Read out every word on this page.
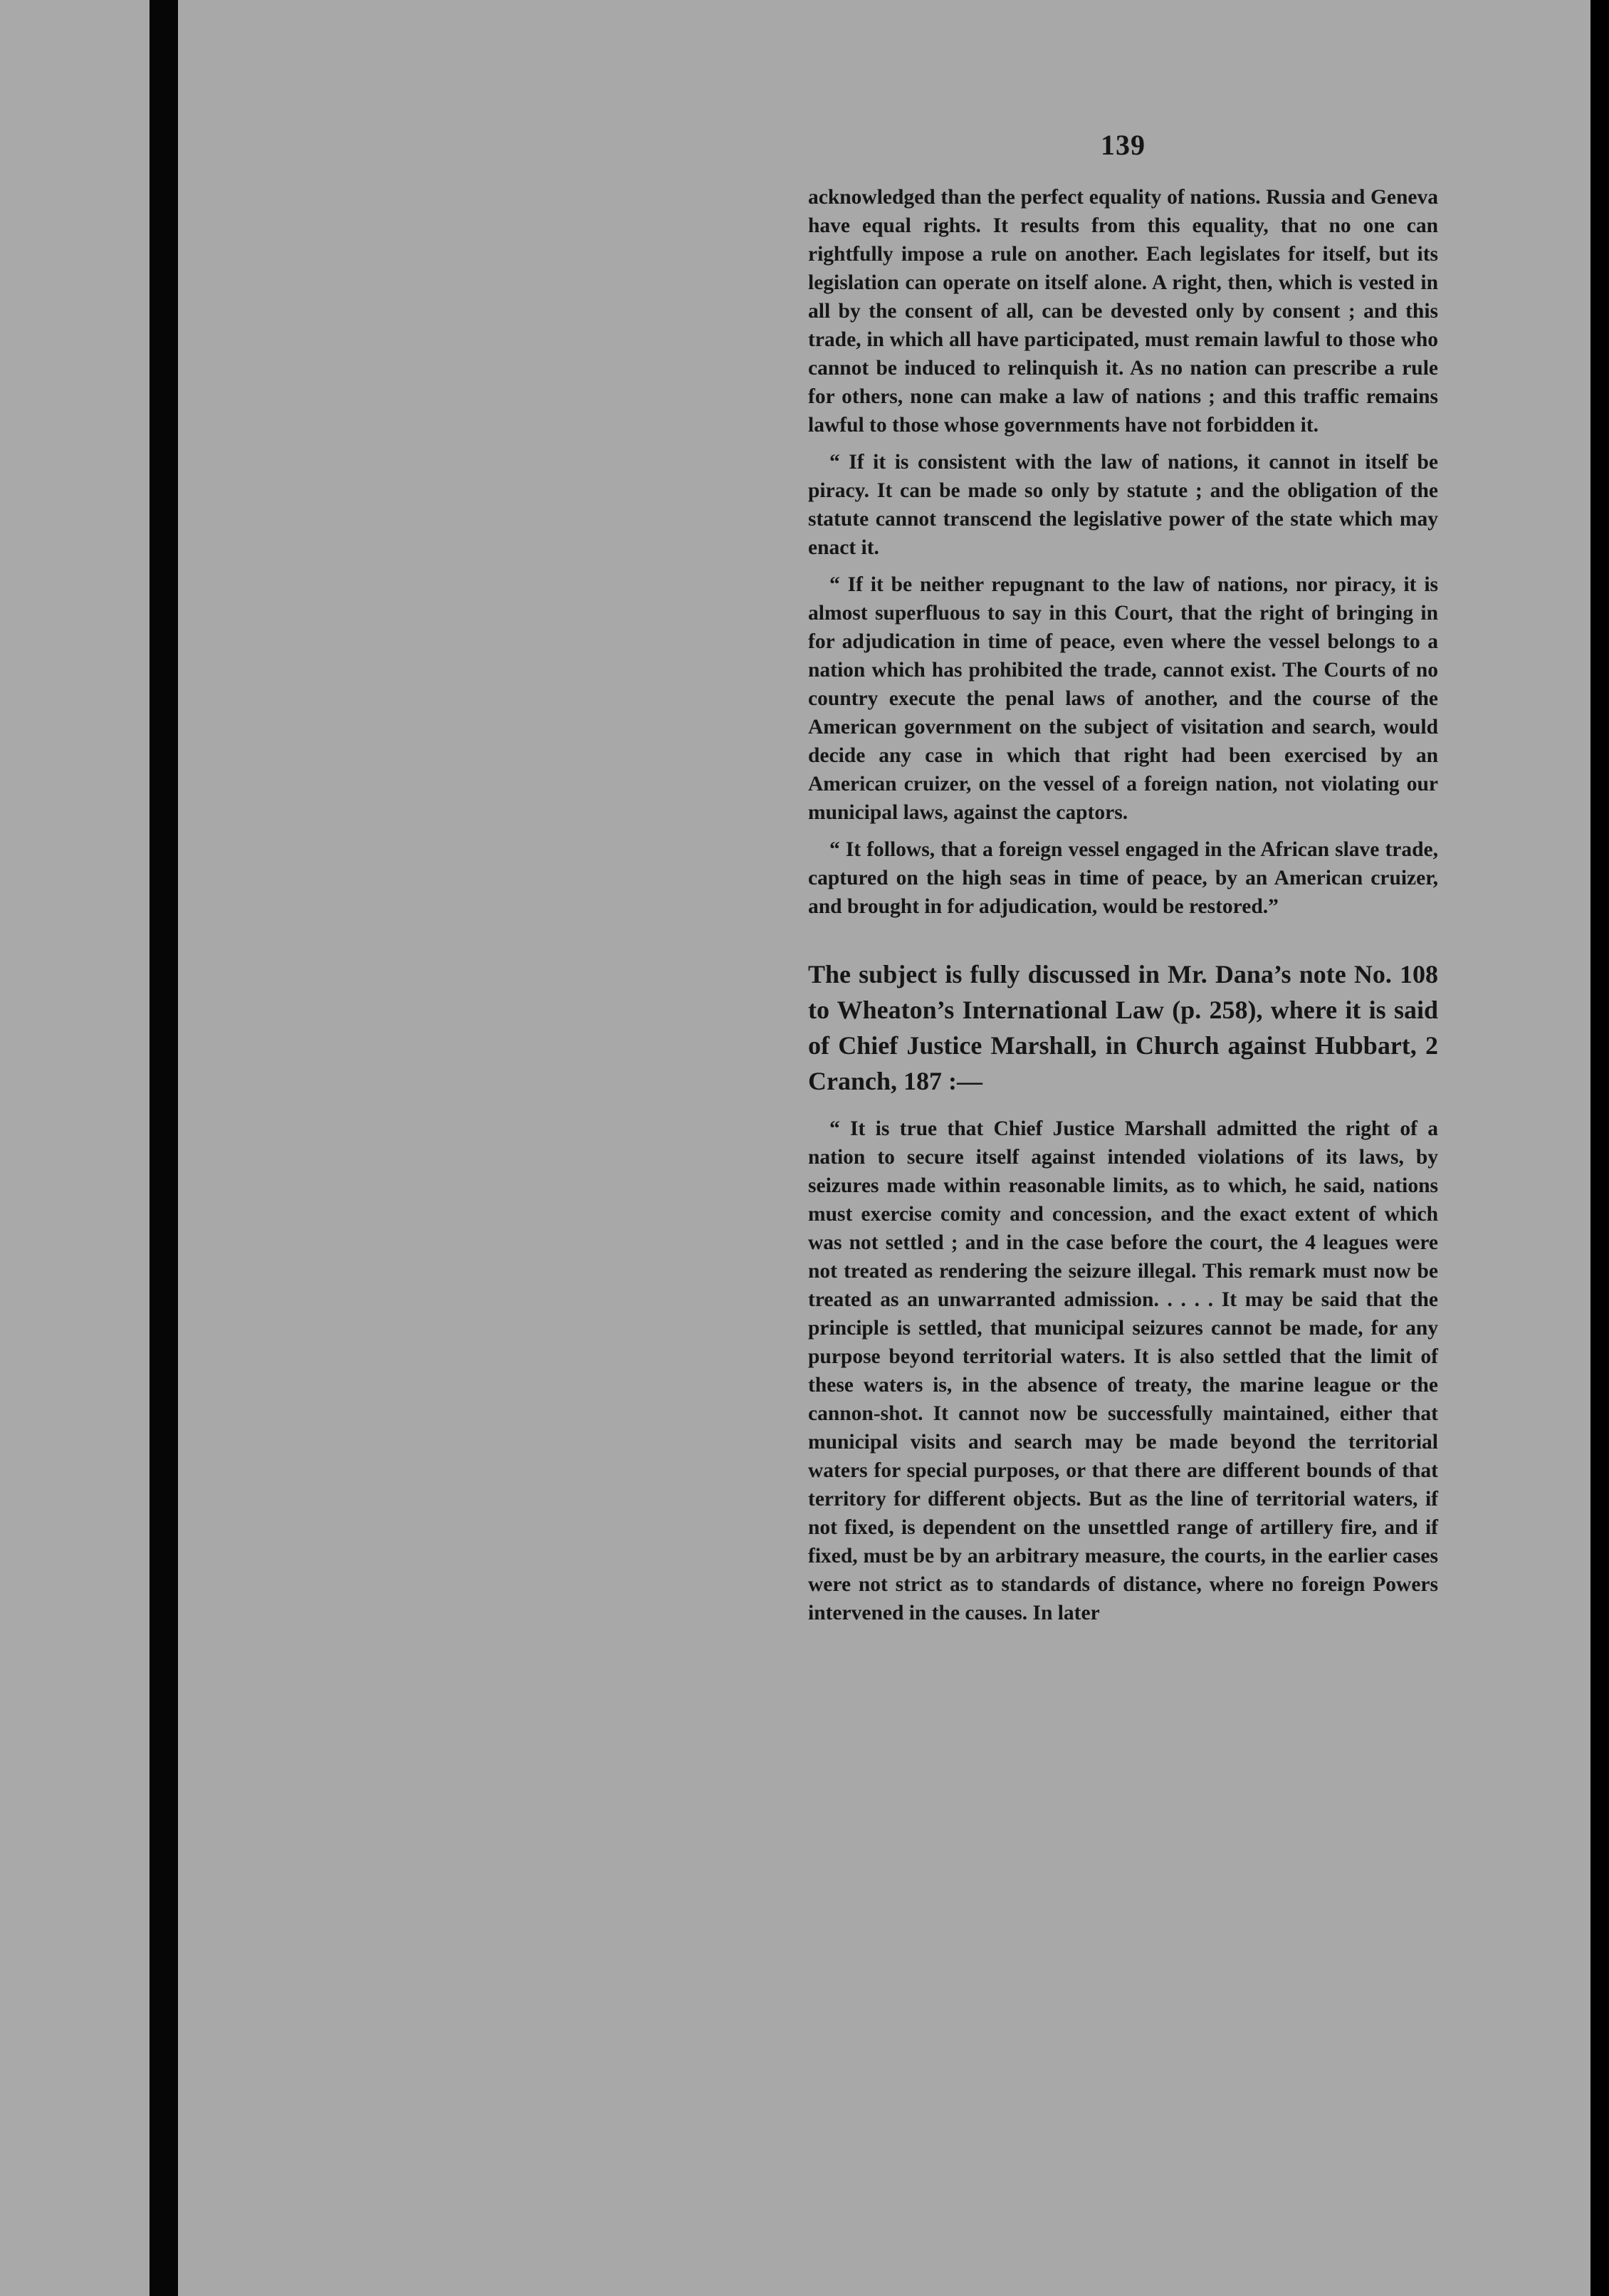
139

acknowledged than the perfect equality of nations. Russia and Geneva have equal rights. It results from this equality, that no one can rightfully impose a rule on another. Each legislates for itself, but its legislation can operate on itself alone. A right, then, which is vested in all by the consent of all, can be devested only by consent ; and this trade, in which all have participated, must remain lawful to those who cannot be induced to relinquish it. As no nation can prescribe a rule for others, none can make a law of nations ; and this traffic remains lawful to those whose governments have not forbidden it.

“ If it is consistent with the law of nations, it cannot in itself be piracy. It can be made so only by statute ; and the obligation of the statute cannot transcend the legislative power of the state which may enact it.

“ If it be neither repugnant to the law of nations, nor piracy, it is almost superfluous to say in this Court, that the right of bringing in for adjudication in time of peace, even where the vessel belongs to a nation which has prohibited the trade, cannot exist. The Courts of no country execute the penal laws of another, and the course of the American government on the subject of visitation and search, would decide any case in which that right had been exercised by an American cruizer, on the vessel of a foreign nation, not violating our municipal laws, against the captors.

“ It follows, that a foreign vessel engaged in the African slave trade, captured on the high seas in time of peace, by an American cruizer, and brought in for adjudication, would be restored.”

The subject is fully discussed in Mr. Dana’s note No. 108 to Wheaton’s International Law (p. 258), where it is said of Chief Justice Marshall, in Church against Hubbart, 2 Cranch, 187 :—

“ It is true that Chief Justice Marshall admitted the right of a nation to secure itself against intended violations of its laws, by seizures made within reasonable limits, as to which, he said, nations must exercise comity and concession, and the exact extent of which was not settled ; and in the case before the court, the 4 leagues were not treated as rendering the seizure illegal. This remark must now be treated as an unwarranted admission. . . . . It may be said that the principle is settled, that municipal seizures cannot be made, for any purpose beyond territorial waters. It is also settled that the limit of these waters is, in the absence of treaty, the marine league or the cannon-shot. It cannot now be successfully maintained, either that municipal visits and search may be made beyond the territorial waters for special purposes, or that there are different bounds of that territory for different objects. But as the line of territorial waters, if not fixed, is dependent on the unsettled range of artillery fire, and if fixed, must be by an arbitrary measure, the courts, in the earlier cases were not strict as to standards of distance, where no foreign Powers intervened in the causes. In later
